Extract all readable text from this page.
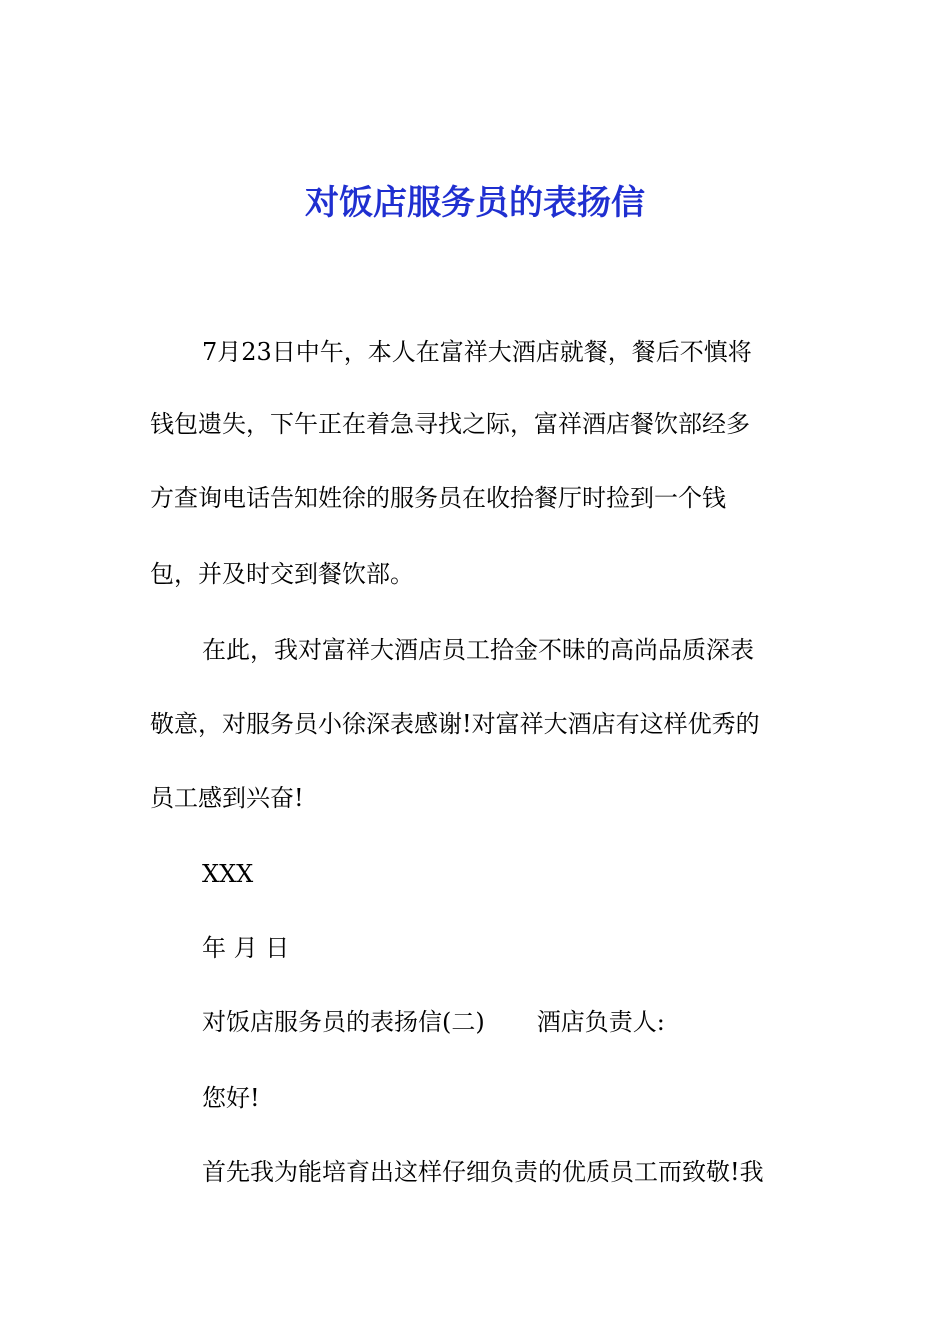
对饭店服务员的表扬信
7月23日中午，本人在富祥大酒店就餐，餐后不慎将
钱包遗失，下午正在着急寻找之际，富祥酒店餐饮部经多
方查询电话告知姓徐的服务员在收拾餐厅时捡到一个钱
包，并及时交到餐饮部。
在此，我对富祥大酒店员工拾金不昧的高尚品质深表
敬意，对服务员小徐深表感谢!对富祥大酒店有这样优秀的
员工感到兴奋!
XXX
年 月 日
对饭店服务员的表扬信(二) 酒店负责人:
您好!
首先我为能培育出这样仔细负责的优质员工而致敬!我
